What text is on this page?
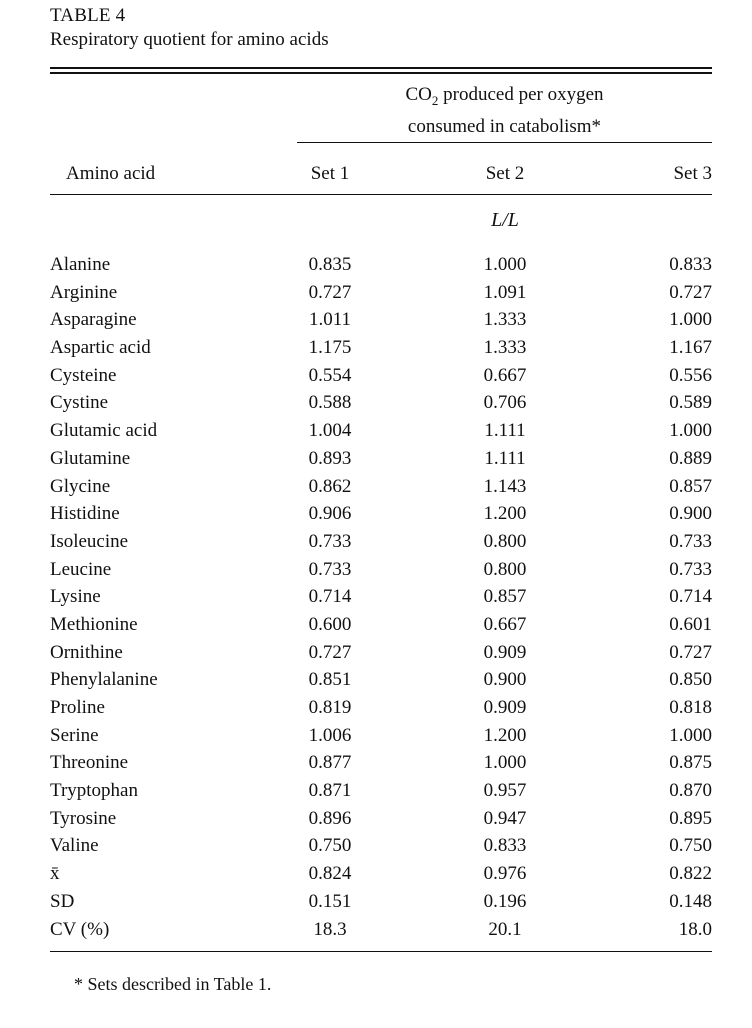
TABLE 4
Respiratory quotient for amino acids
$CO_2$ produced per oxygen
consumed in catabolism*
Amino acid	Set 1	Set 2	Set 3
L/L
Alanine	0.835	1.000	0.833
Arginine	0.727	1.091	0.727
Asparagine	1.011	1.333	1.000
Aspartic acid	1.175	1.333	1.167
Cysteine	0.554	0.667	0.556
Cystine	0.588	0.706	0.589
Glutamic acid	1.004	1.111	1.000
Glutamine	0.893	1.111	0.889
Glycine	0.862	1.143	0.857
Histidine	0.906	1.200	0.900
Isoleucine	0.733	0.800	0.733
Leucine	0.733	0.800	0.733
Lysine	0.714	0.857	0.714
Methionine	0.600	0.667	0.601
Ornithine	0.727	0.909	0.727
Phenylalanine	0.851	0.900	0.850
Proline	0.819	0.909	0.818
Serine	1.006	1.200	1.000
Threonine	0.877	1.000	0.875
Tryptophan	0.871	0.957	0.870
Tyrosine	0.896	0.947	0.895
Valine	0.750	0.833	0.750
x̄	0.824	0.976	0.822
SD	0.151	0.196	0.148
CV (%)	18.3	20.1	18.0
* Sets described in Table 1.
